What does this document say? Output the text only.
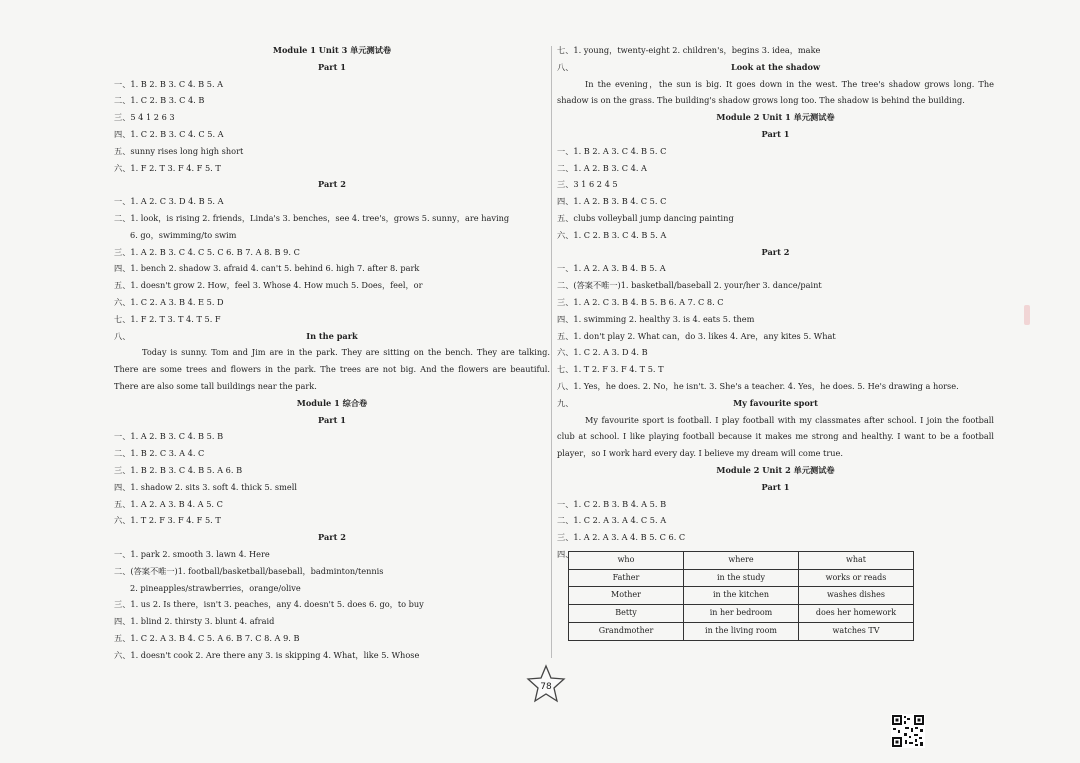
Module 1 Unit 3 单元测试卷
Part 1
一、1. B 2. B 3. C 4. B 5. A
二、1. C 2. B 3. C 4. B
三、5 4 1 2 6 3
四、1. C 2. B 3. C 4. C 5. A
五、sunny rises long high short
六、1. F 2. T 3. F 4. F 5. T
Part 2
一、1. A 2. C 3. D 4. B 5. A
二、1. look，is rising 2. friends，Linda's 3. benches，see 4. tree's，grows 5. sunny，are having
6. go，swimming/to swim
三、1. A 2. B 3. C 4. C 5. C 6. B 7. A 8. B 9. C
四、1. bench 2. shadow 3. afraid 4. can't 5. behind 6. high 7. after 8. park
五、1. doesn't grow 2. How，feel 3. Whose 4. How much 5. Does，feel，or
六、1. C 2. A 3. B 4. E 5. D
七、1. F 2. T 3. T 4. T 5. F
八、	In the park
Today is sunny. Tom and Jim are in the park. They are sitting on the bench. They are talking. There are some trees and flowers in the park. The trees are not big. And the flowers are beautiful. There are also some tall buildings near the park.
Module 1 综合卷
Part 1
一、1. A 2. B 3. C 4. B 5. B
二、1. B 2. C 3. A 4. C
三、1. B 2. B 3. C 4. B 5. A 6. B
四、1. shadow 2. sits 3. soft 4. thick 5. smell
五、1. A 2. A 3. B 4. A 5. C
六、1. T 2. F 3. F 4. F 5. T
Part 2
一、1. park 2. smooth 3. lawn 4. Here
二、(答案不唯一)1. football/basketball/baseball，badminton/tennis
2. pineapples/strawberries，orange/olive
三、1. us 2. Is there，isn't 3. peaches，any 4. doesn't 5. does 6. go，to buy
四、1. blind 2. thirsty 3. blunt 4. afraid
五、1. C 2. A 3. B 4. C 5. A 6. B 7. C 8. A 9. B
六、1. doesn't cook 2. Are there any 3. is skipping 4. What，like 5. Whose
七、1. young，twenty-eight 2. children's，begins 3. idea，make
八、	Look at the shadow
In the evening，the sun is big. It goes down in the west. The tree's shadow grows long. The shadow is on the grass. The building's shadow grows long too. The shadow is behind the building.
Module 2 Unit 1 单元测试卷
Part 1
一、1. B 2. A 3. C 4. B 5. C
二、1. A 2. B 3. C 4. A
三、3 1 6 2 4 5
四、1. A 2. B 3. B 4. C 5. C
五、clubs volleyball jump dancing painting
六、1. C 2. B 3. C 4. B 5. A
Part 2
一、1. A 2. A 3. B 4. B 5. A
二、(答案不唯一)1. basketball/baseball 2. your/her 3. dance/paint
三、1. A 2. C 3. B 4. B 5. B 6. A 7. C 8. C
四、1. swimming 2. healthy 3. is 4. eats 5. them
五、1. don't play 2. What can，do 3. likes 4. Are，any kites 5. What
六、1. C 2. A 3. D 4. B
七、1. T 2. F 3. F 4. T 5. T
八、1. Yes，he does. 2. No，he isn't. 3. She's a teacher. 4. Yes，he does. 5. He's drawing a horse.
九、	My favourite sport
My favourite sport is football. I play football with my classmates after school. I join the football club at school. I like playing football because it makes me strong and healthy. I want to be a football player，so I work hard every day. I believe my dream will come true.
Module 2 Unit 2 单元测试卷
Part 1
一、1. C 2. B 3. B 4. A 5. B
二、1. C 2. A 3. A 4. C 5. A
三、1. A 2. A 3. A 4. B 5. C 6. C
四、
who	where	what
Father	in the study	works or reads
Mother	in the kitchen	washes dishes
Betty	in her bedroom	does her homework
Grandmother	in the living room	watches TV
78
